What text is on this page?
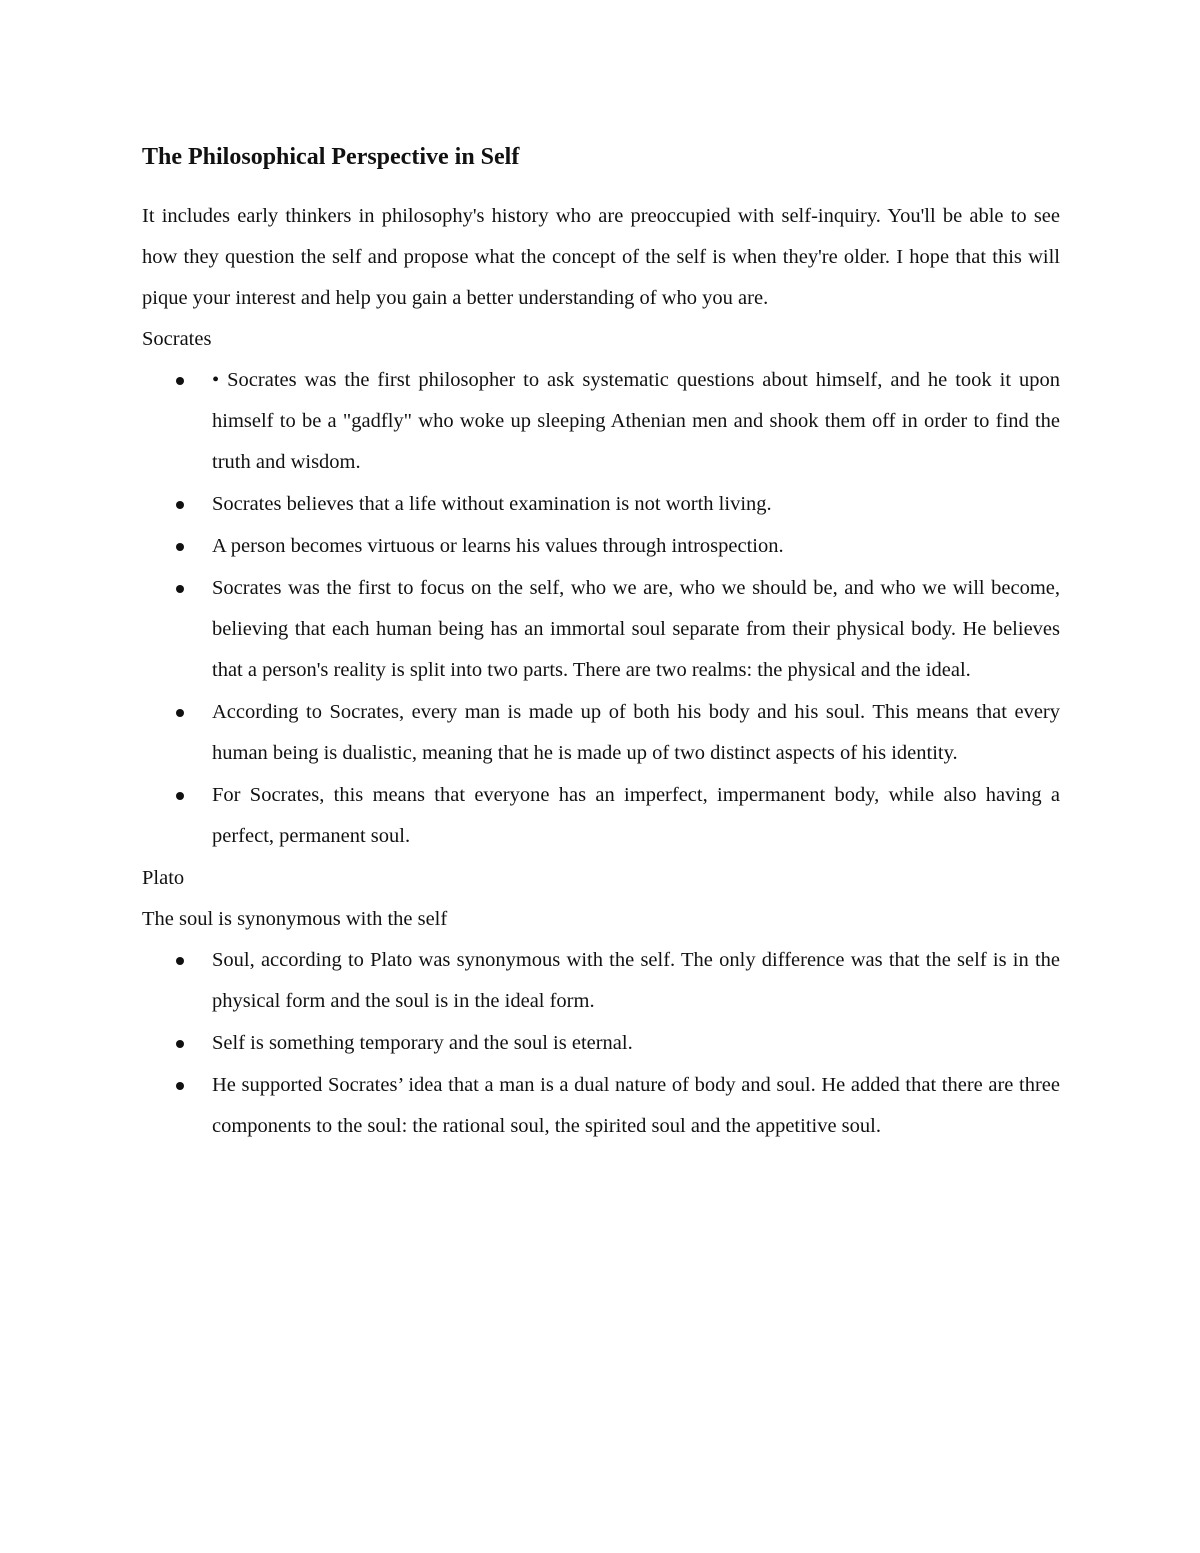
The Philosophical Perspective in Self

It includes early thinkers in philosophy's history who are preoccupied with self-inquiry. You'll be able to see how they question the self and propose what the concept of the self is when they're older. I hope that this will pique your interest and help you gain a better understanding of who you are.

Socrates

• Socrates was the first philosopher to ask systematic questions about himself, and he took it upon himself to be a "gadfly" who woke up sleeping Athenian men and shook them off in order to find the truth and wisdom.
Socrates believes that a life without examination is not worth living.
A person becomes virtuous or learns his values through introspection.
Socrates was the first to focus on the self, who we are, who we should be, and who we will become, believing that each human being has an immortal soul separate from their physical body. He believes that a person's reality is split into two parts. There are two realms: the physical and the ideal.
According to Socrates, every man is made up of both his body and his soul. This means that every human being is dualistic, meaning that he is made up of two distinct aspects of his identity.
For Socrates, this means that everyone has an imperfect, impermanent body, while also having a perfect, permanent soul.

Plato

The soul is synonymous with the self

Soul, according to Plato was synonymous with the self. The only difference was that the self is in the physical form and the soul is in the ideal form.
Self is something temporary and the soul is eternal.
He supported Socrates’ idea that a man is a dual nature of body and soul. He added that there are three components to the soul: the rational soul, the spirited soul and the appetitive soul.
